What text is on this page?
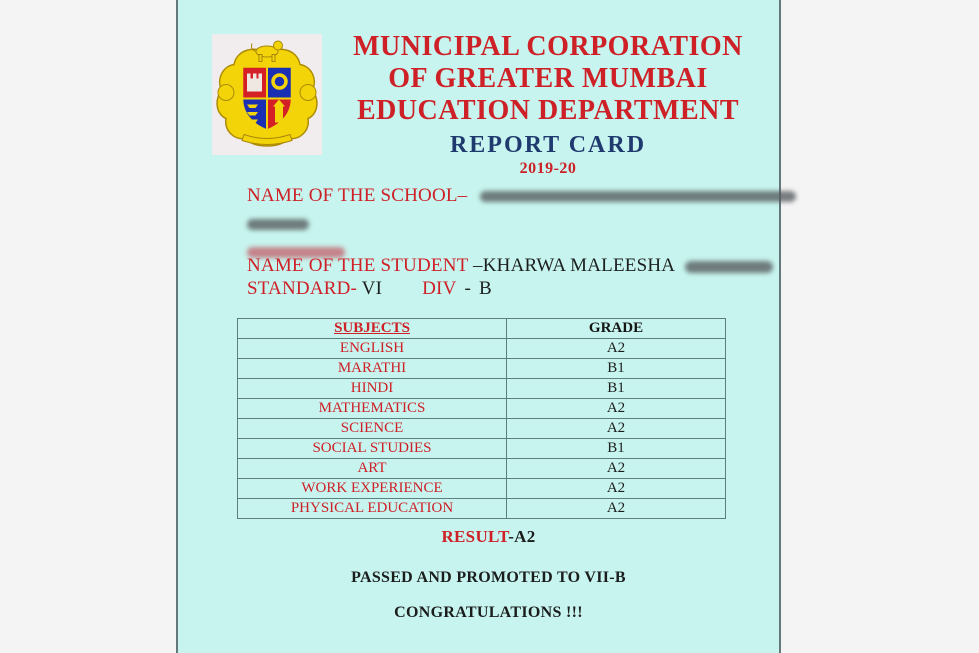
MUNICIPAL CORPORATION
OF GREATER MUMBAI
EDUCATION DEPARTMENT
REPORT CARD
2019-20
NAME OF THE SCHOOL–
NAME OF THE STUDENT –KHARWA MALEESHA
STANDARD- VI DIV - B
SUBJECTS	GRADE
ENGLISH	A2
MARATHI	B1
HINDI	B1
MATHEMATICS	A2
SCIENCE	A2
SOCIAL STUDIES	B1
ART	A2
WORK EXPERIENCE	A2
PHYSICAL EDUCATION	A2
RESULT-A2
PASSED AND PROMOTED TO VII-B
CONGRATULATIONS !!!
